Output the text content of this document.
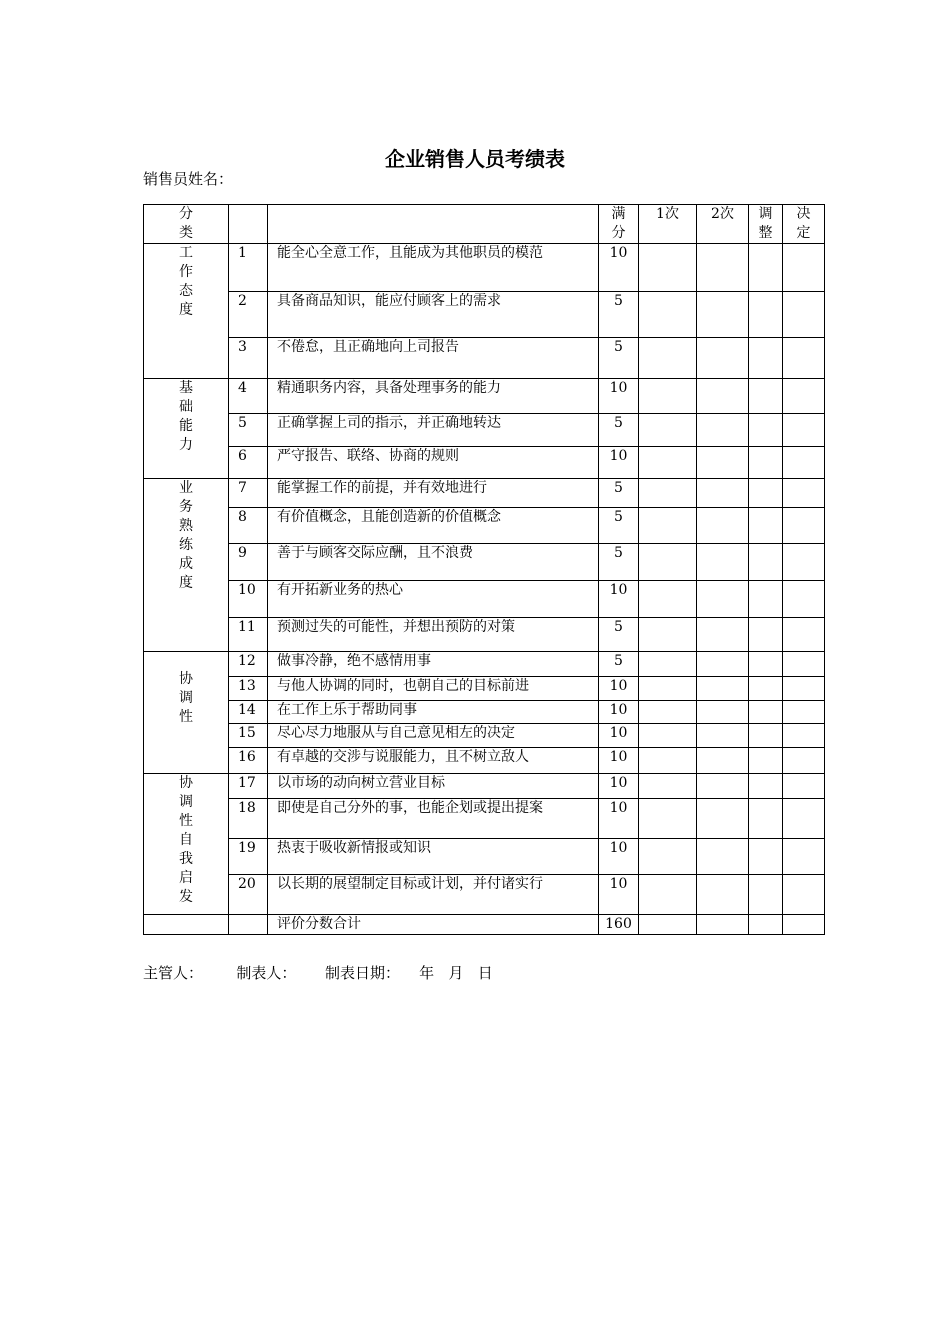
企业销售人员考绩表
销售员姓名：
分类			满分	1次	2次	调整	决定

工作态度	1	能全心全意工作，且能成为其他职员的模范	10				
	2	具备商品知识，能应付顾客上的需求	5				
	3	不倦怠，且正确地向上司报告	5				

基础能力	4	精通职务内容，具备处理事务的能力	10				
	5	正确掌握上司的指示，并正确地转达	5				
	6	严守报告、联络、协商的规则	10				

业务熟练成度	7	能掌握工作的前提，并有效地进行	5				
	8	有价值概念，且能创造新的价值概念	5				
	9	善于与顾客交际应酬，且不浪费	5				
	10	有开拓新业务的热心	10				
	11	预测过失的可能性，并想出预防的对策	5				

协调性	12	做事冷静，绝不感情用事	5				
	13	与他人协调的同时，也朝自己的目标前进	10				
	14	在工作上乐于帮助同事	10				
	15	尽心尽力地服从与自己意见相左的决定	10				
	16	有卓越的交涉与说服能力，且不树立敌人	10				

协调性自我启发	17	以市场的动向树立营业目标	10				
	18	即使是自己分外的事，也能企划或提出提案	10				
	19	热衷于吸收新情报或知识	10				
	20	以长期的展望制定目标或计划，并付诸实行	10				
		评价分数合计	160				
主管人： 制表人： 制表日期： 年 月 日
